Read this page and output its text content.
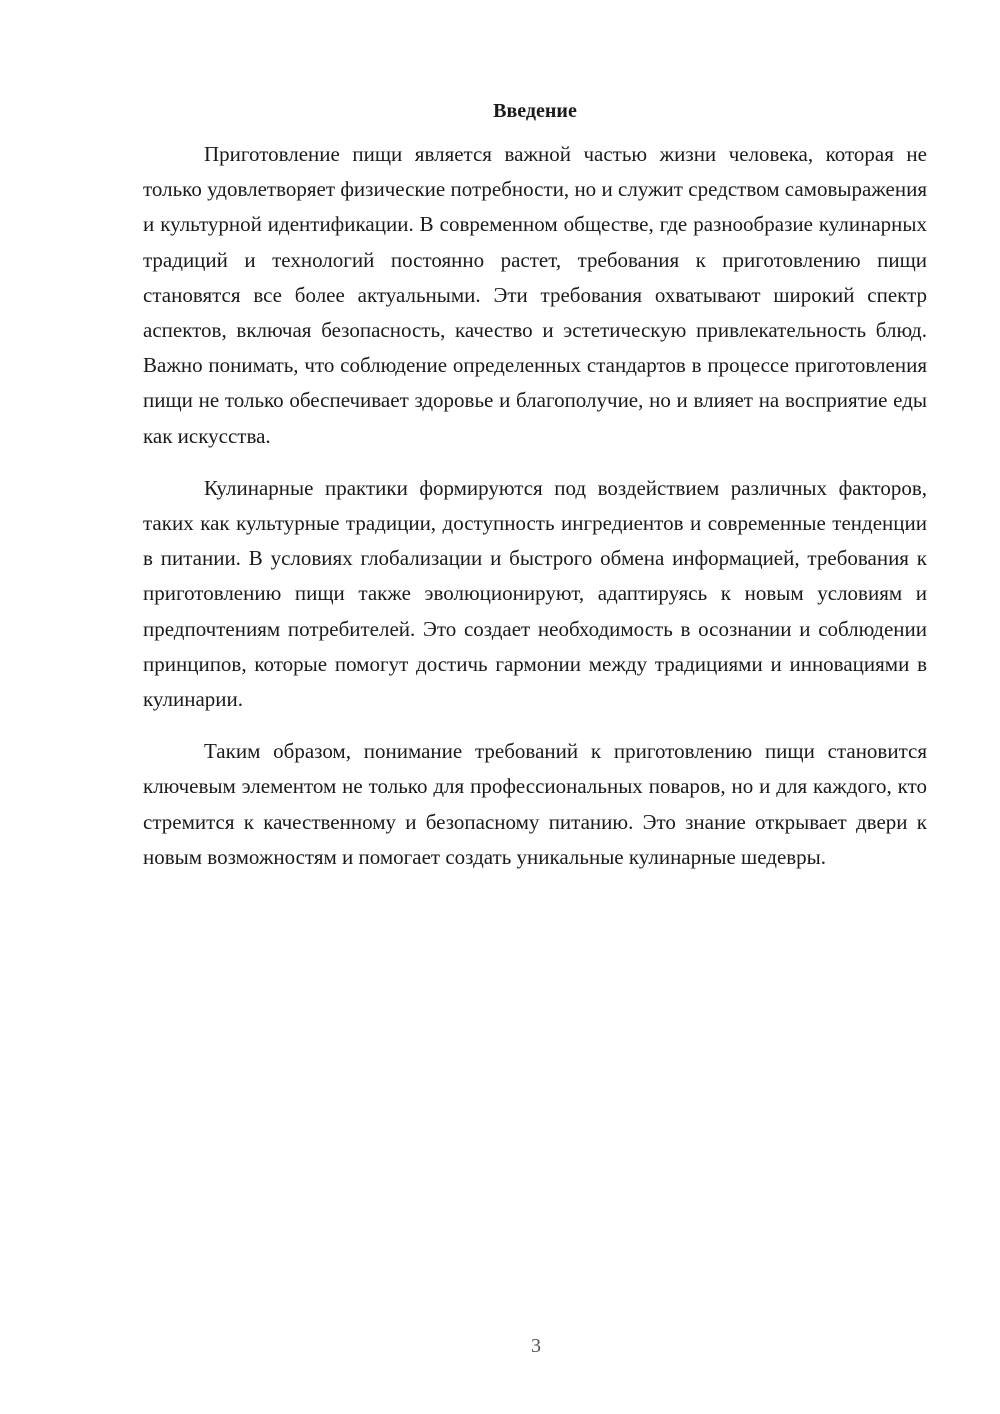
Введение

Приготовление пищи является важной частью жизни человека, которая не только удовлетворяет физические потребности, но и служит средством самовыражения и культурной идентификации. В современном обществе, где разнообразие кулинарных традиций и технологий постоянно растет, требования к приготовлению пищи становятся все более актуальными. Эти требования охватывают широкий спектр аспектов, включая безопасность, качество и эстетическую привлекательность блюд. Важно понимать, что соблюдение определенных стандартов в процессе приготовления пищи не только обеспечивает здоровье и благополучие, но и влияет на восприятие еды как искусства.

Кулинарные практики формируются под воздействием различных факторов, таких как культурные традиции, доступность ингредиентов и современные тенденции в питании. В условиях глобализации и быстрого обмена информацией, требования к приготовлению пищи также эволюционируют, адаптируясь к новым условиям и предпочтениям потребителей. Это создает необходимость в осознании и соблюдении принципов, которые помогут достичь гармонии между традициями и инновациями в кулинарии.

Таким образом, понимание требований к приготовлению пищи становится ключевым элементом не только для профессиональных поваров, но и для каждого, кто стремится к качественному и безопасному питанию. Это знание открывает двери к новым возможностям и помогает создать уникальные кулинарные шедевры.

3
